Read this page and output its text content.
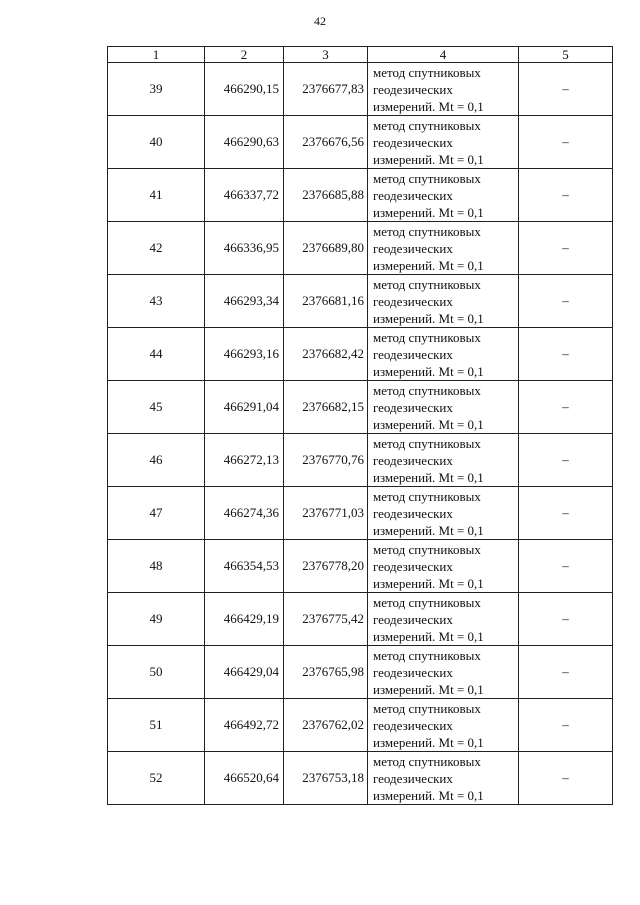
42
1	2	3	4	5
39	466290,15	2376677,83	метод спутниковых
геодезических
измерений. Mt = 0,1	–
40	466290,63	2376676,56	метод спутниковых
геодезических
измерений. Mt = 0,1	–
41	466337,72	2376685,88	метод спутниковых
геодезических
измерений. Mt = 0,1	–
42	466336,95	2376689,80	метод спутниковых
геодезических
измерений. Mt = 0,1	–
43	466293,34	2376681,16	метод спутниковых
геодезических
измерений. Mt = 0,1	–
44	466293,16	2376682,42	метод спутниковых
геодезических
измерений. Mt = 0,1	–
45	466291,04	2376682,15	метод спутниковых
геодезических
измерений. Mt = 0,1	–
46	466272,13	2376770,76	метод спутниковых
геодезических
измерений. Mt = 0,1	–
47	466274,36	2376771,03	метод спутниковых
геодезических
измерений. Mt = 0,1	–
48	466354,53	2376778,20	метод спутниковых
геодезических
измерений. Mt = 0,1	–
49	466429,19	2376775,42	метод спутниковых
геодезических
измерений. Mt = 0,1	–
50	466429,04	2376765,98	метод спутниковых
геодезических
измерений. Mt = 0,1	–
51	466492,72	2376762,02	метод спутниковых
геодезических
измерений. Mt = 0,1	–
52	466520,64	2376753,18	метод спутниковых
геодезических
измерений. Mt = 0,1	–
